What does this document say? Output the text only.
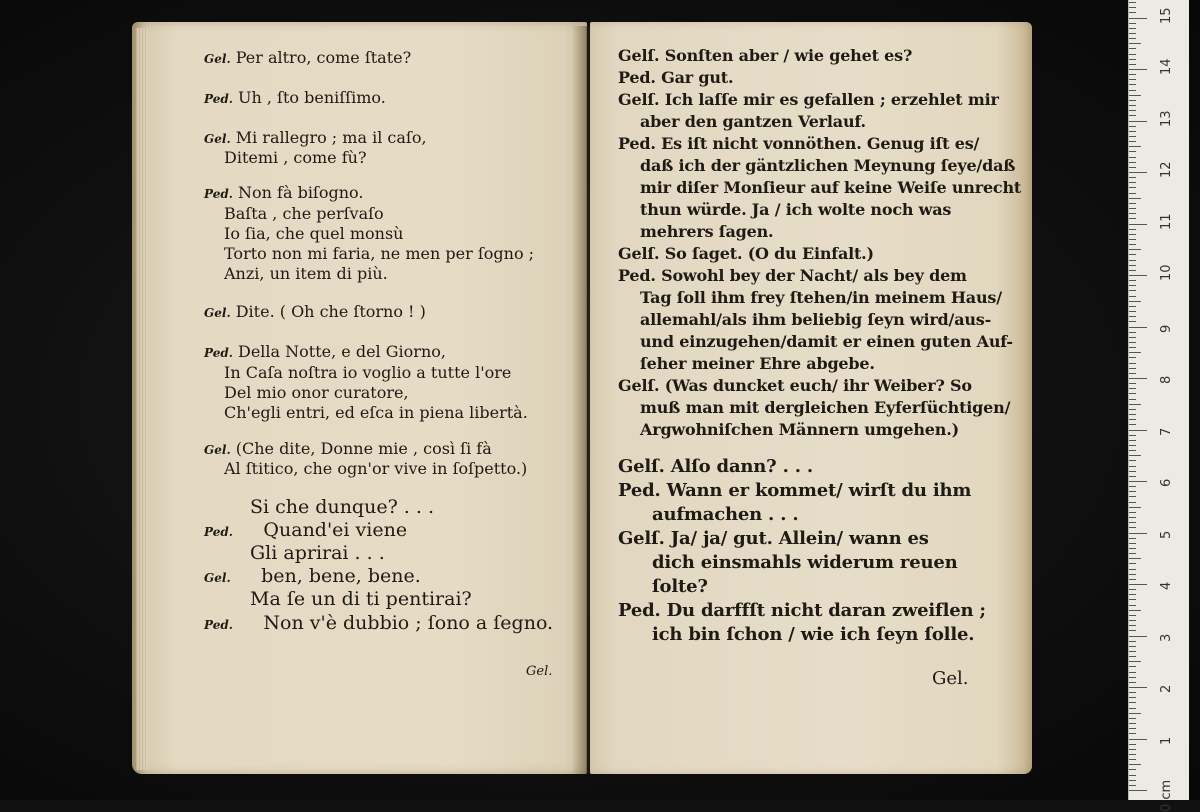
Gel. Per altro, come ſtate?
Ped. Uh , ſto beniſſimo.
Gel. Mi rallegro ; ma il caſo,
Ditemi , come fù?
Ped. Non fà biſogno.
Baſta , che perſvaſo
Io ſia, che quel monsù
Torto non mi faria, ne men per ſogno ;
Anzi, un item di più.
Gel. Dite. ( Oh che ſtorno ! )
Ped. Della Notte, e del Giorno,
In Caſa noſtra io voglio a tutte l'ore
Del mio onor curatore,
Ch'egli entri, ed eſca in piena libertà.
Gel. (Che dite, Donne mie , così ſi fà
Al ſtitico, che ogn'or vive in ſoſpetto.)
Si che dunque? . . .
Ped. Quand'ei viene
Gli aprirai . . .
Gel. ben, bene, bene.
Ma ſe un di ti pentirai?
Ped. Non v'è dubbio ; ſono a ſegno.
Gel.
Gelſ. Sonſten aber / wie gehet es?
Ped. Gar gut.
Gelſ. Ich laſſe mir es gefallen ; erzehlet mir
aber den gantzen Verlauf.
Ped. Es iſt nicht vonnöthen. Genug iſt es/
daß ich der gäntzlichen Meynung ſeye/daß
mir diſer Monſieur auf keine Weiſe unrecht
thun würde. Ja / ich wolte noch was
mehrers ſagen.
Gelſ. So ſaget. (O du Einfalt.)
Ped. Sowohl bey der Nacht/ als bey dem
Tag ſoll ihm frey ſtehen/in meinem Haus/
allemahl/als ihm beliebig ſeyn wird/aus-
und einzugehen/damit er einen guten Auf-
ſeher meiner Ehre abgebe.
Gelſ. (Was duncket euch/ ihr Weiber? So
muß man mit dergleichen Eyferſüchtigen/
Argwohniſchen Männern umgehen.)
Gelſ. Alſo dann? . . .
Ped. Wann er kommet/ wirſt du ihm
aufmachen . . .
Gelſ. Ja/ ja/ gut. Allein/ wann es
dich einsmahls widerum reuen
ſolte?
Ped. Du darffſt nicht daran zweiflen ;
ich bin ſchon / wie ich ſeyn ſolle.
Gel.
0 cm
1
2
3
4
5
6
7
8
9
10
11
12
13
14
15
